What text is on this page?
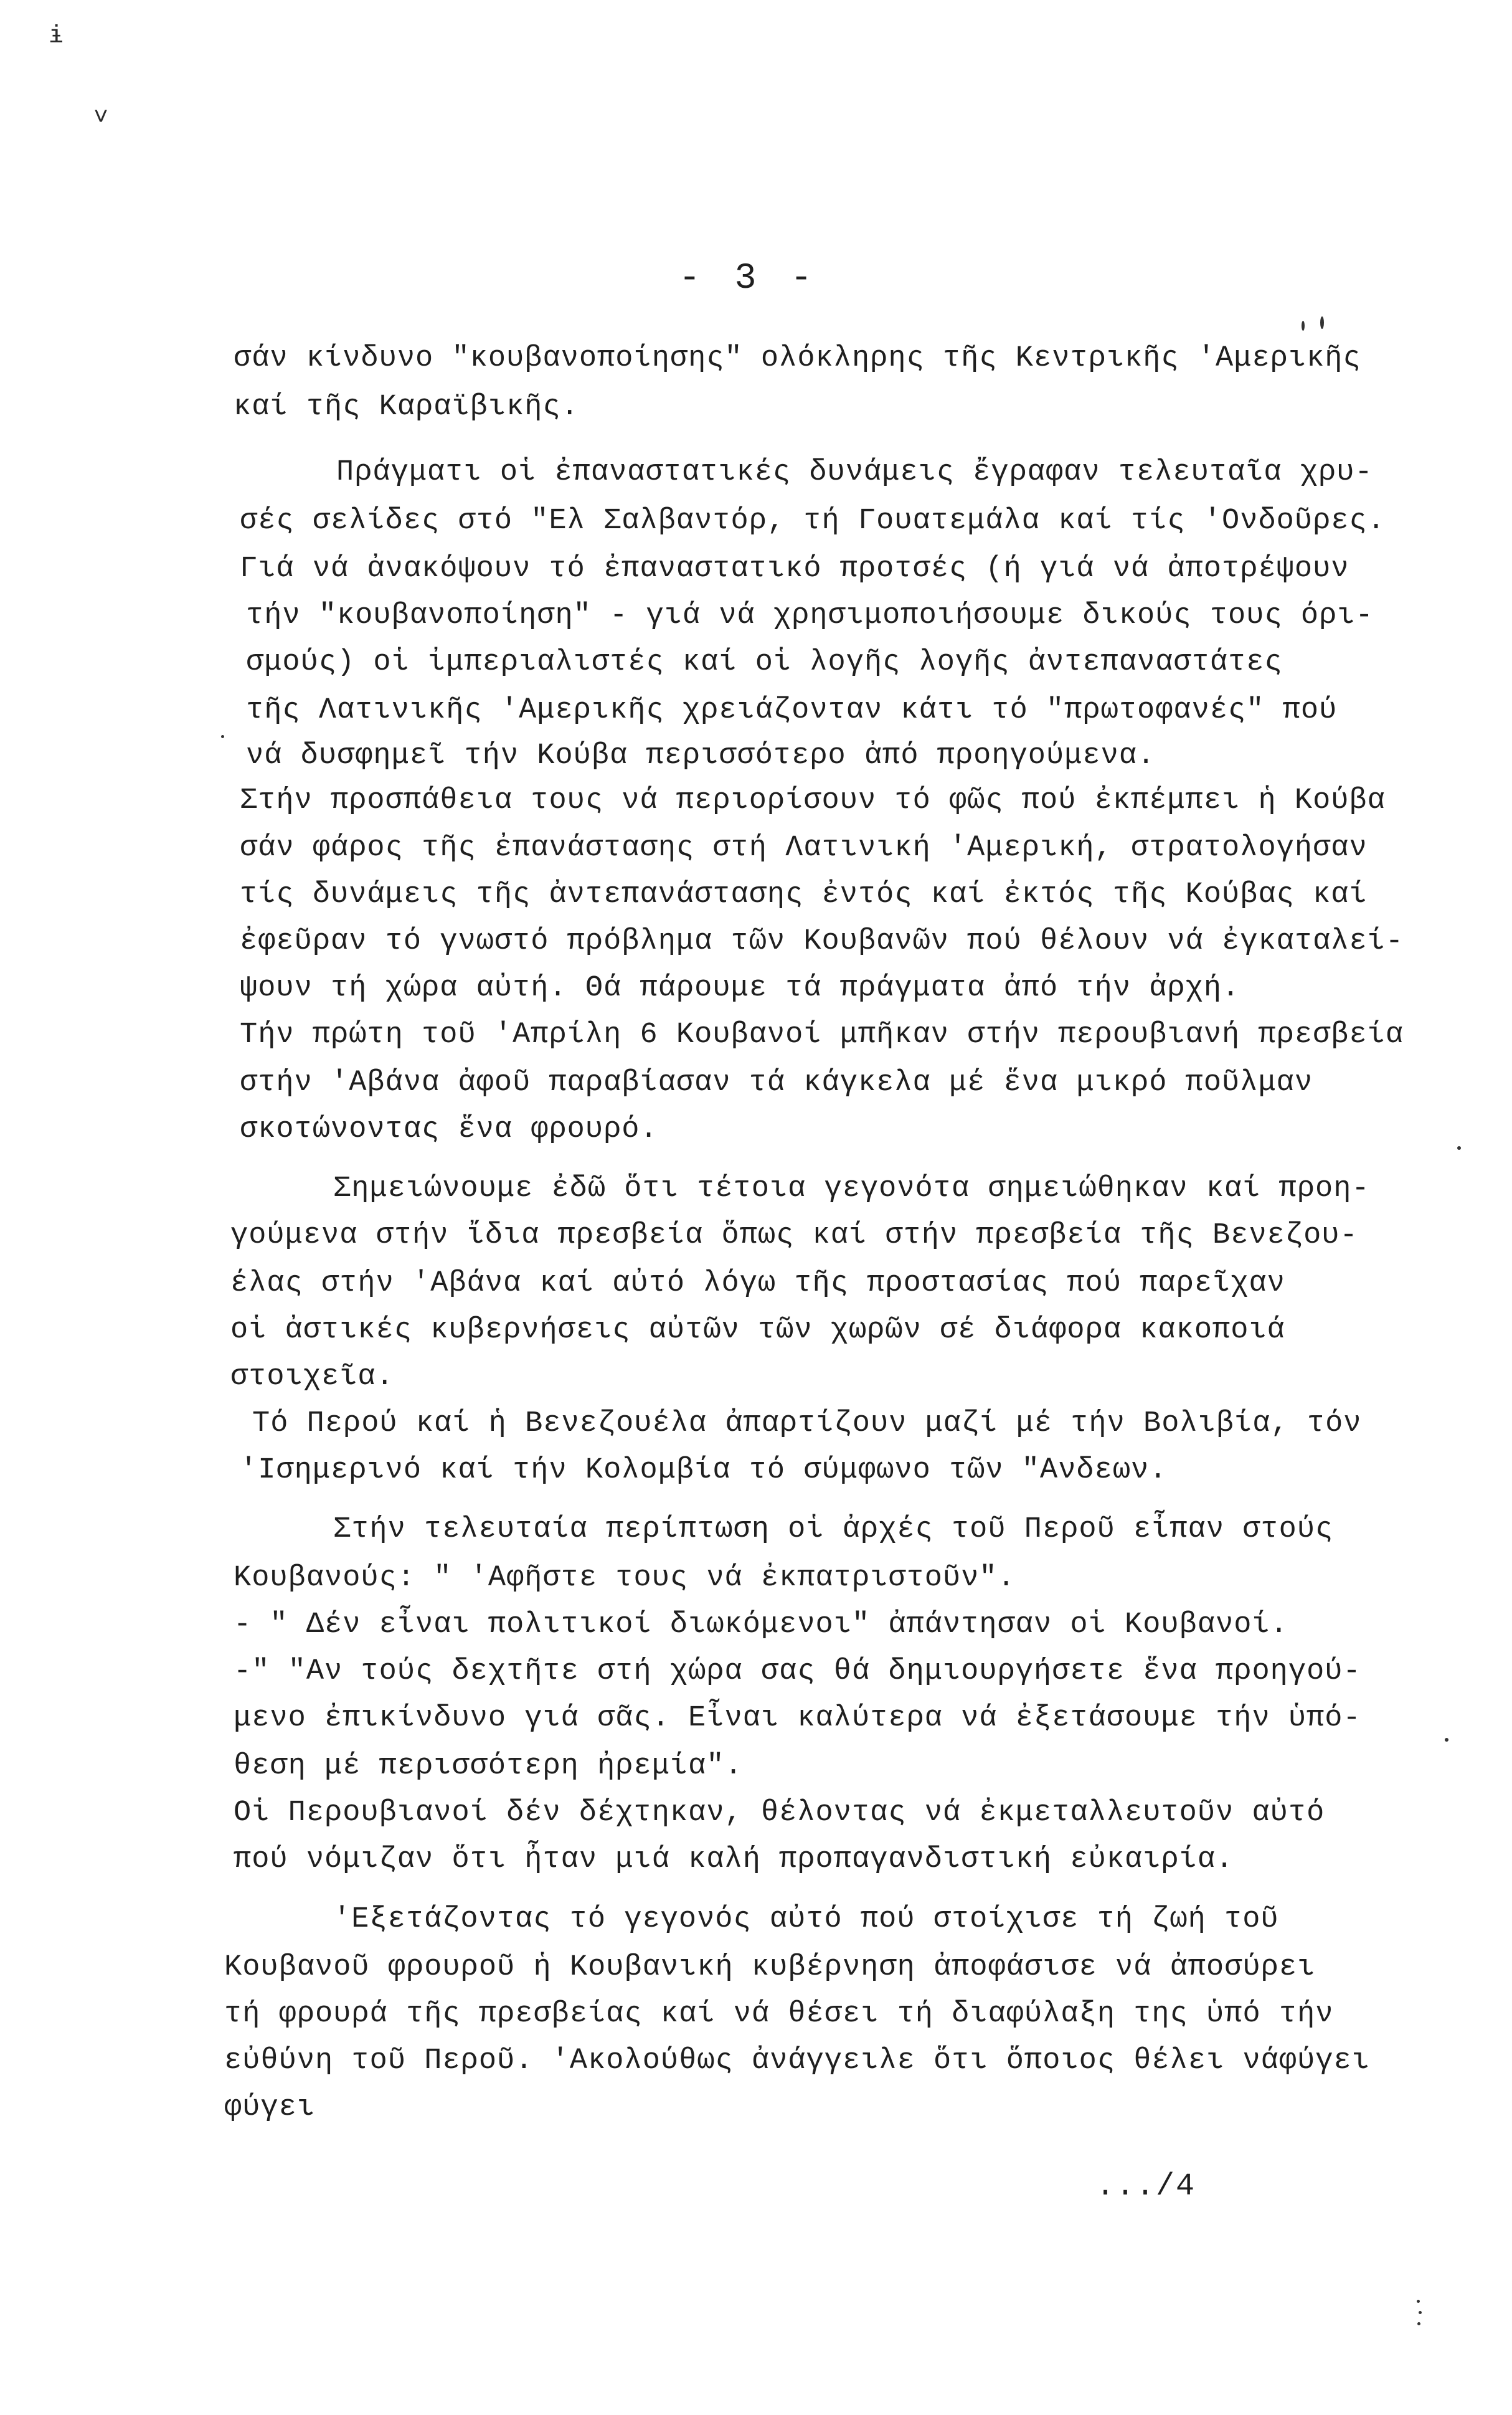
ɨ
˅
- 3 -
σάν κίνδυνο "κουβανοποίησης" ολόκληρης τῆς Κεντρικῆς 'Αμερικῆς
καί τῆς Καραϊβικῆς.
Πράγματι οἱ ἐπαναστατικές δυνάμεις ἔγραφαν τελευταῖα χρυ-
σές σελίδες στό "Ελ Σαλβαντόρ, τή Γουατεμάλα καί τίς 'Ονδοῦρες.
Γιά νά ἀνακόψουν τό ἐπαναστατικό προτσές (ή γιά νά ἀποτρέψουν
τήν "κουβανοποίηση" - γιά νά χρησιμοποιήσουμε δικούς τους όρι-
σμούς) οἱ ἰμπεριαλιστές καί οἱ λογῆς λογῆς ἀντεπαναστάτες
τῆς Λατινικῆς 'Αμερικῆς χρειάζονταν κάτι τό "πρωτοφανές" πού
νά δυσφημεῖ τήν Κούβα περισσότερο ἀπό προηγούμενα.
Στήν προσπάθεια τους νά περιορίσουν τό φῶς πού ἐκπέμπει ἡ Κούβα
σάν φάρος τῆς ἐπανάστασης στή Λατινική 'Αμερική, στρατολογήσαν
τίς δυνάμεις τῆς ἀντεπανάστασης ἐντός καί ἐκτός τῆς Κούβας καί
ἐφεῦραν τό γνωστό πρόβλημα τῶν Κουβανῶν πού θέλουν νά ἐγκαταλεί-
ψουν τή χώρα αὐτή. Θά πάρουμε τά πράγματα ἀπό τήν ἀρχή.
Τήν πρώτη τοῦ 'Απρίλη 6 Κουβανοί μπῆκαν στήν περουβιανή πρεσβεία
στήν 'Αβάνα ἀφοῦ παραβίασαν τά κάγκελα μέ ἕνα μικρό ποῦλμαν
σκοτώνοντας ἕνα φρουρό.
Σημειώνουμε ἐδῶ ὅτι τέτοια γεγονότα σημειώθηκαν καί προη-
γούμενα στήν ἴδια πρεσβεία ὅπως καί στήν πρεσβεία τῆς Βενεζου-
έλας στήν 'Αβάνα καί αὐτό λόγω τῆς προστασίας πού παρεῖχαν
οἱ ἀστικές κυβερνήσεις αὐτῶν τῶν χωρῶν σέ διάφορα κακοποιά
στοιχεῖα.
Τό Περού καί ἡ Βενεζουέλα ἀπαρτίζουν μαζί μέ τήν Βολιβία, τόν
'Ισημερινό καί τήν Κολομβία τό σύμφωνο τῶν "Ανδεων.
Στήν τελευταία περίπτωση οἱ ἀρχές τοῦ Περοῦ εἶπαν στούς
Κουβανούς: " 'Αφῆστε τους νά ἐκπατριστοῦν".
- " Δέν εἶναι πολιτικοί διωκόμενοι" ἀπάντησαν οἱ Κουβανοί.
-" "Αν τούς δεχτῆτε στή χώρα σας θά δημιουργήσετε ἕνα προηγού-
μενο ἐπικίνδυνο γιά σᾶς. Εἶναι καλύτερα νά ἐξετάσουμε τήν ὑπό-
θεση μέ περισσότερη ἠρεμία".
Οἱ Περουβιανοί δέν δέχτηκαν, θέλοντας νά ἐκμεταλλευτοῦν αὐτό
πού νόμιζαν ὅτι ἦταν μιά καλή προπαγανδιστική εὐκαιρία.
'Εξετάζοντας τό γεγονός αὐτό πού στοίχισε τή ζωή τοῦ
Κουβανοῦ φρουροῦ ἡ Κουβανική κυβέρνηση ἀποφάσισε νά ἀποσύρει
τή φρουρά τῆς πρεσβείας καί νά θέσει τή διαφύλαξη της ὑπό τήν
εὐθύνη τοῦ Περοῦ. 'Ακολούθως ἀνάγγειλε ὅτι ὅποιος θέλει νάφύγει
φύγει
.../4
